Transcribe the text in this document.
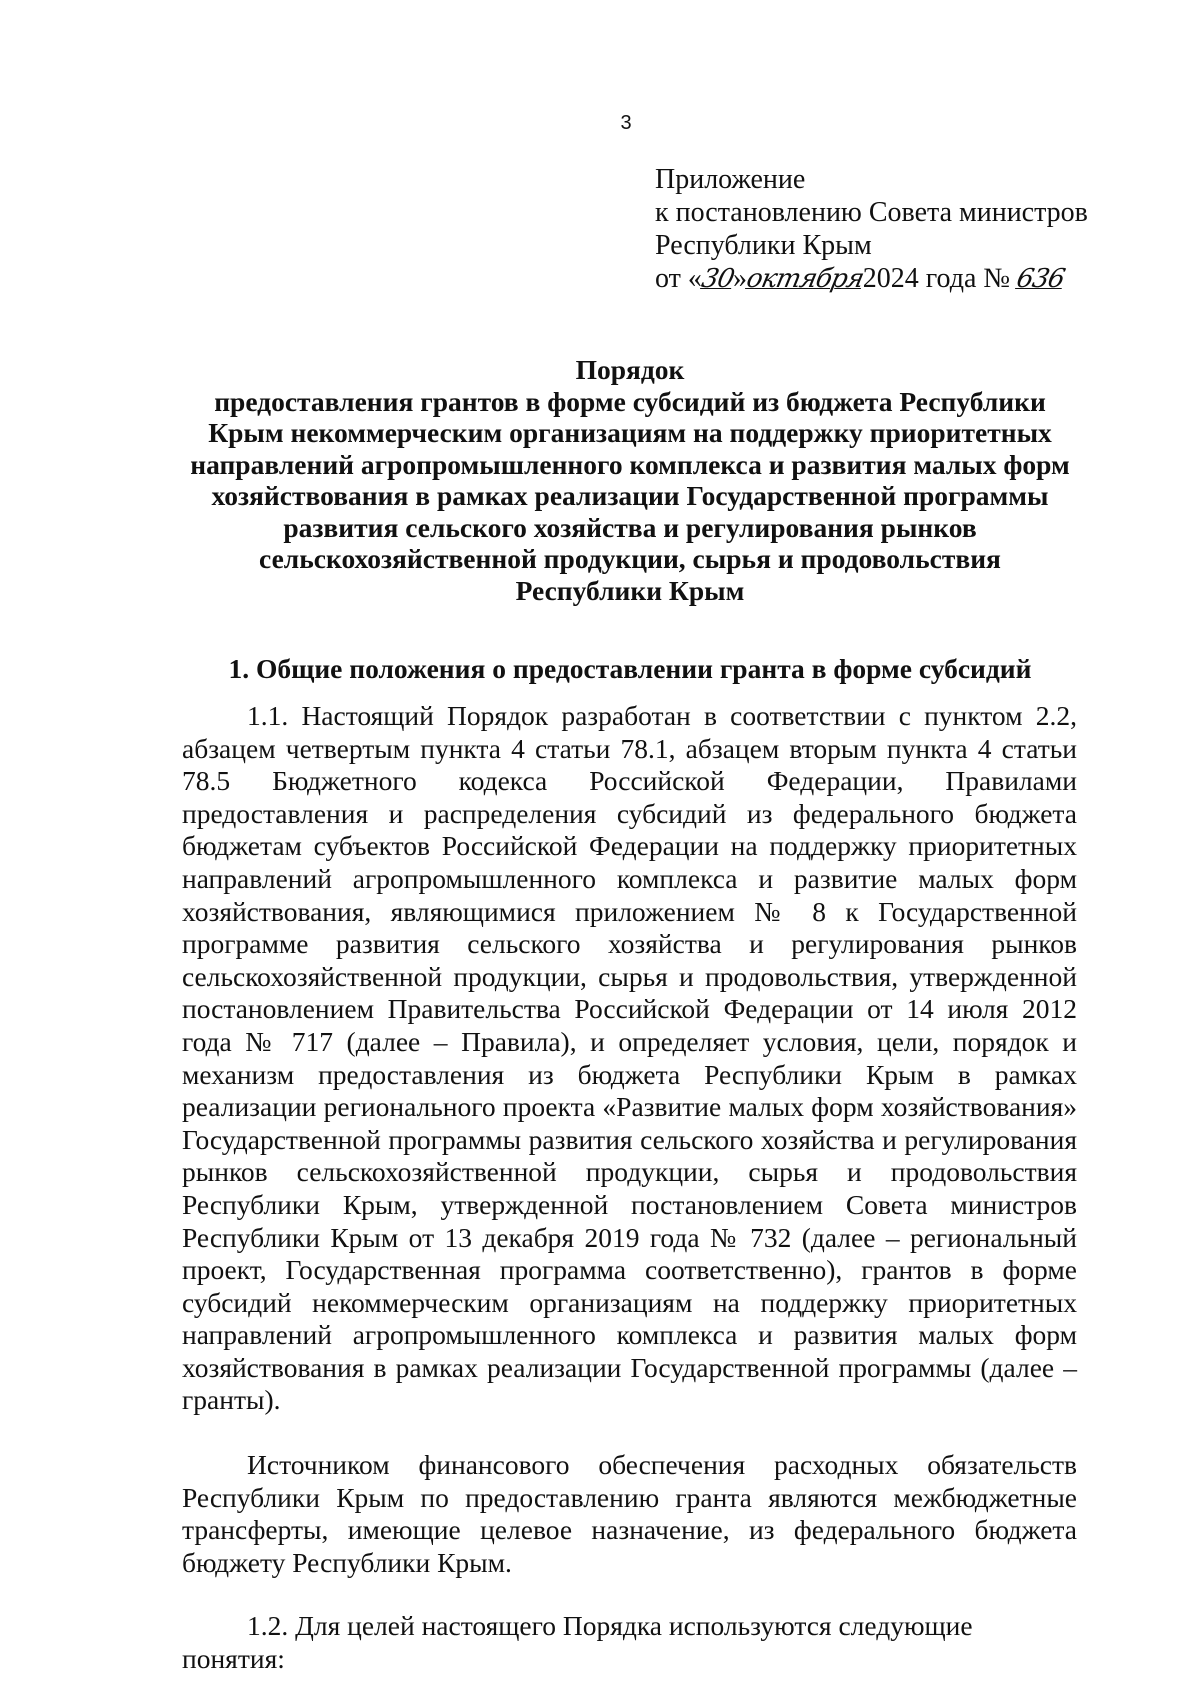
3
Приложение
к постановлению Совета министров
Республики Крым
от «30»октября2024 года № 636
Порядок
предоставления грантов в форме субсидий из бюджета Республики
Крым некоммерческим организациям на поддержку приоритетных
направлений агропромышленного комплекса и развития малых форм
хозяйствования в рамках реализации Государственной программы
развития сельского хозяйства и регулирования рынков
сельскохозяйственной продукции, сырья и продовольствия
Республики Крым
1. Общие положения о предоставлении гранта в форме субсидий

1.1. Настоящий Порядок разработан в соответствии с пунктом 2.2, абзацем четвертым пункта 4 статьи 78.1, абзацем вторым пункта 4 статьи 78.5 Бюджетного кодекса Российской Федерации, Правилами предоставления и распределения субсидий из федерального бюджета бюджетам субъектов Российской Федерации на поддержку приоритетных направлений агропромышленного комплекса и развитие малых форм хозяйствования, являющимися приложением № 8 к Государственной программе развития сельского хозяйства и регулирования рынков сельскохозяйственной продукции, сырья и продовольствия, утвержденной постановлением Правительства Российской Федерации от 14 июля 2012 года № 717 (далее – Правила), и определяет условия, цели, порядок и механизм предоставления из бюджета Республики Крым в рамках реализации регионального проекта «Развитие малых форм хозяйствования» Государственной программы развития сельского хозяйства и регулирования рынков сельскохозяйственной продукции, сырья и продовольствия Республики Крым, утвержденной постановлением Совета министров Республики Крым от 13 декабря 2019 года № 732 (далее – региональный проект, Государственная программа соответственно), грантов в форме субсидий некоммерческим организациям на поддержку приоритетных направлений агропромышленного комплекса и развития малых форм хозяйствования в рамках реализации Государственной программы (далее – гранты).

Источником финансового обеспечения расходных обязательств Республики Крым по предоставлению гранта являются межбюджетные трансферты, имеющие целевое назначение, из федерального бюджета бюджету Республики Крым.

1.2. Для целей настоящего Порядка используются следующие понятия:
